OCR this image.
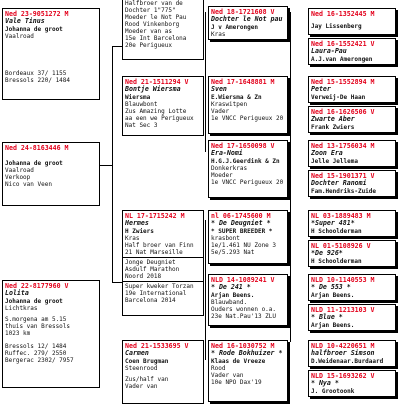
Ned 23-9051272 M
Vale Tinus
Johanna de groot
Vaalroad
Bordeaux 37/ 1155
Bressols 220/ 1484
Ned 24-8163446 M
Johanna de groot
Vaalroad
Verkoop
Nico van Veen
Ned 22-8177960 V
Lolita
Johanna de groot
Lichtkras
S.morgena am 5.15
thuis van Bressols
1023 km
Bressols 12/ 1484
Ruffec. 279/ 2550
Bergerac 2302/ 7957
Halfbroer van de
Dochter 1"775"
Moeder le Not Pau
Rood Vinkenborg
Moeder van as
15e Int Barcelona
20e Perigueux
Ned 21-1511294 V
Bontje Wiersma
Wiersma
Blauwbont
Zus Amazing Lotte
aa een we Perigueux
Nat Sec 3
NL 17-1715242 M
Hermes
H Zwiers
Kras
Half broer van Finn
21 Nat Marseille
Jonge Deugniet
Asdulf Marathon
Noord 2018
Super kweker Torzan
19e International
Barcelona 2014
Ned 21-1533695 V
Carmen
Coen Brugman
Steenrood
Zus/half van
Vader van
Ned 18-1721608 V
Dochter le Not pau
J v Amerongen
Kras
Ned 17-1648881 M
Sven
E.Wiersma & Zn
Kraswitpen
Vader
1e VNCC Perigueux 20
Ned 17-1650098 V
Era-Nomi
H.G.J.Geerdink & Zn
Donkerkras
Moeder
1e VNCC Perigueux 20
nl 06-1745600 M
* De Deugniet *
* SUPER BREEDER *
krasbont
1e/1.461 NU Zone 3
5e/5.293 Nat
NLD 14-1089241 V
* De 241 *
Arjan Beens.
Blauwband.
Ouders wonnen o.a.
23e Nat.Pau'13 ZLU
Ned 16-1030752 M
* Rode Bokhuizer *
Klaas de Vreeze
Rood
Vader van
10e NPO Dax'19
Ned 16-1352445 M
Jay Lissenberg
Ned 16-1552421 V
Laura-Pau
A.J.van Amerongen
Ned 15-1552894 M
Peter
Verweij-De Haan
Ned 16-1626506 V
Zwarte Aber
Frank Zwiers
Ned 13-1756034 M
Zoon Era
Jelle Jellema
Ned 15-1901371 V
Dochter Ranomi
Fam.Hendriks-Zuide
NL 03-1889483 M
*Super 481*
H Schoolderman
NL 01-5108926 V
*De 926*
H Schoolderman
NLD 10-1140553 M
* De 553 *
Arjan Beens.
NLD 11-1213103 V
* Blue *
Arjan Beens.
NLD 10-4220651 M
halfbroer Simson
D.Weidenaar.Burdaard
NLD 15-1693262 V
* Nya *
J. Grootoonk
